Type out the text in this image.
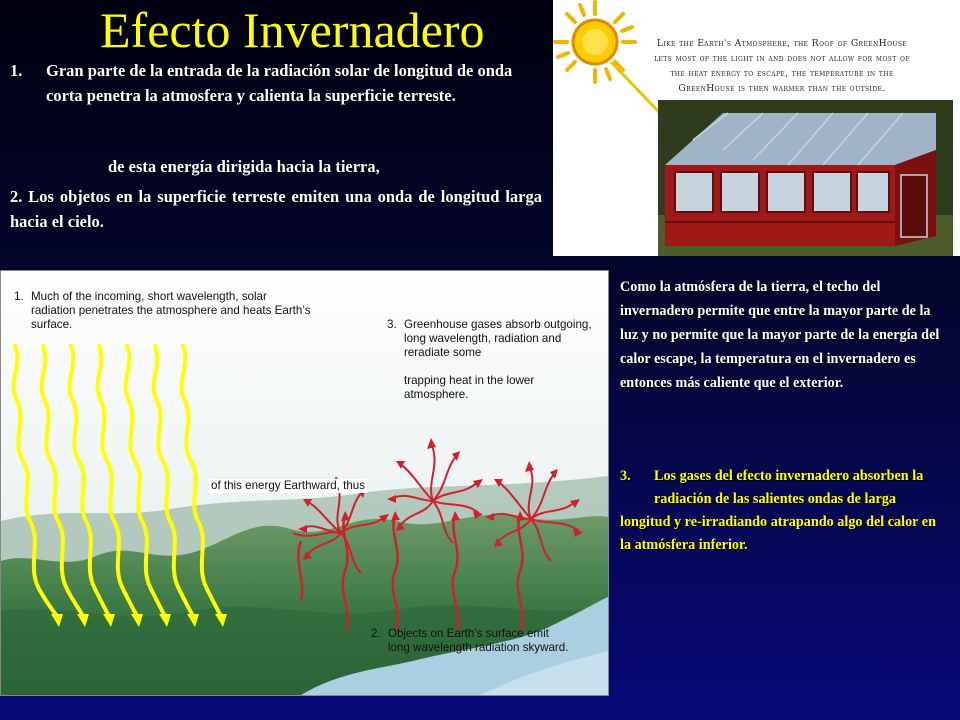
Efecto Invernadero
1. Gran parte de la entrada de la radiación solar de longitud de onda corta penetra la atmosfera y calienta la superficie terreste.
de esta energía dirigida hacia la tierra,
2. Los objetos en la superficie terreste emiten una onda de longitud larga hacia el cielo.
Like the Earth's Atmosphere, the Roof of GreenHouse lets most of the light in and does not allow for most of the heat energy to escape, the temperature in the GreenHouse is then warmer than the outside.
1. Much of the incoming, short wavelength, solar radiation penetrates the atmosphere and heats Earth’s surface.	3. Greenhouse gases absorb outgoing, long wavelength, radiation and reradiate some
trapping heat in the lower atmosphere.
of this energy Earthward, thus
2. Objects on Earth’s surface emit long wavelength radiation skyward.
Como la atmósfera de la tierra, el techo del invernadero permite que entre la mayor parte de la luz y no permite que la mayor parte de la energía del calor escape, la temperatura en el invernadero es entonces más caliente que el exterior.
3. Los gases del efecto invernadero absorben la radiación de las salientes ondas de larga
longitud y re-irradiando atrapando algo del calor en la atmósfera inferior.
